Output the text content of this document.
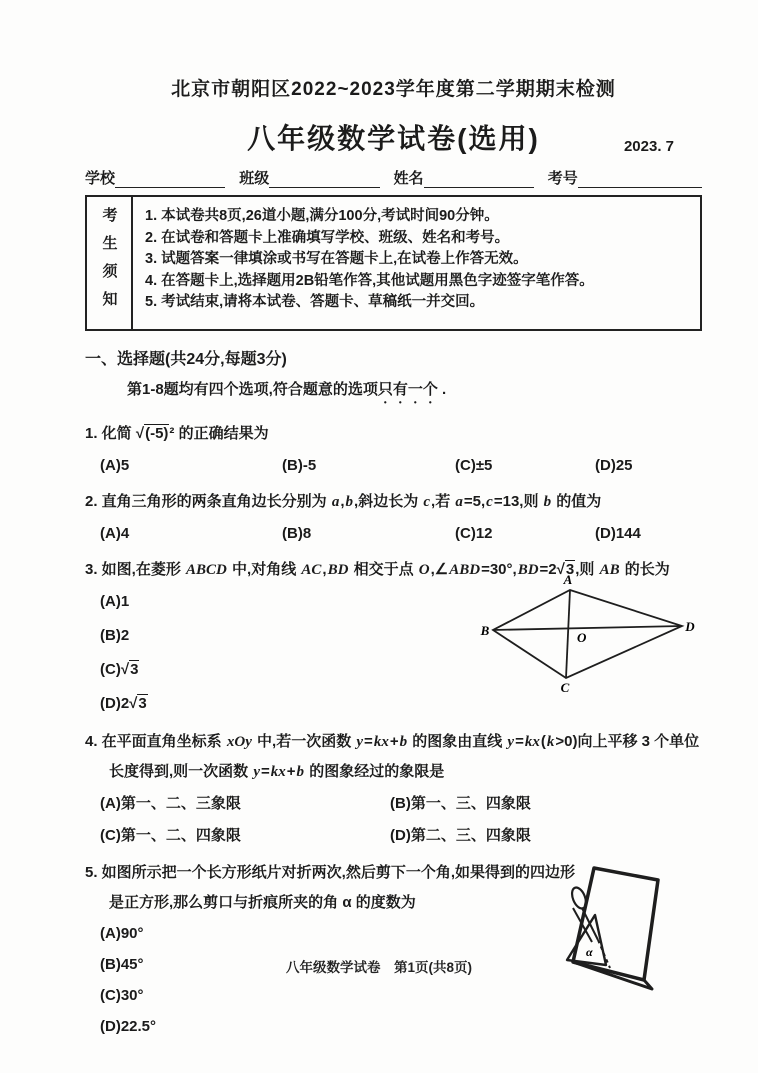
北京市朝阳区2022~2023学年度第二学期期末检测
八年级数学试卷(选用)	2023. 7
学校	班级	姓名	考号
考生须知 1. 本试卷共8页,26道小题,满分100分,考试时间90分钟。
2. 在试卷和答题卡上准确填写学校、班级、姓名和考号。
3. 试题答案一律填涂或书写在答题卡上,在试卷上作答无效。
4. 在答题卡上,选择题用2B铅笔作答,其他试题用黑色字迹签字笔作答。
5. 考试结束,请将本试卷、答题卡、草稿纸一并交回。
一、选择题(共24分,每题3分)
第1-8题均有四个选项,符合题意的选项只有一个 .
1. 化简 √(-5)² 的正确结果为
(A)5	(B)-5	(C)±5	(D)25
2. 直角三角形的两条直角边长分别为 a,b,斜边长为 c,若 a=5,c=13,则 b 的值为
(A)4	(B)8	(C)12	(D)144
3. 如图,在菱形 ABCD 中,对角线 AC,BD 相交于点 O,∠ABD=30°,BD=2√3,则 AB 的长为
(A)1
(B)2
(C)√3
(D)2√3
A
B	D
C
O
4. 在平面直角坐标系 xOy 中,若一次函数 y=kx+b 的图象由直线 y=kx(k>0)向上平移 3 个单位长度得到,则一次函数 y=kx+b 的图象经过的象限是
(A)第一、二、三象限	(B)第一、三、四象限
(C)第一、二、四象限	(D)第二、三、四象限
5. 如图所示把一个长方形纸片对折两次,然后剪下一个角,如果得到的四边形是正方形,那么剪口与折痕所夹的角 α 的度数为
(A)90°
(B)45°
(C)30°
(D)22.5°
α
八年级数学试卷　第1页(共8页)
